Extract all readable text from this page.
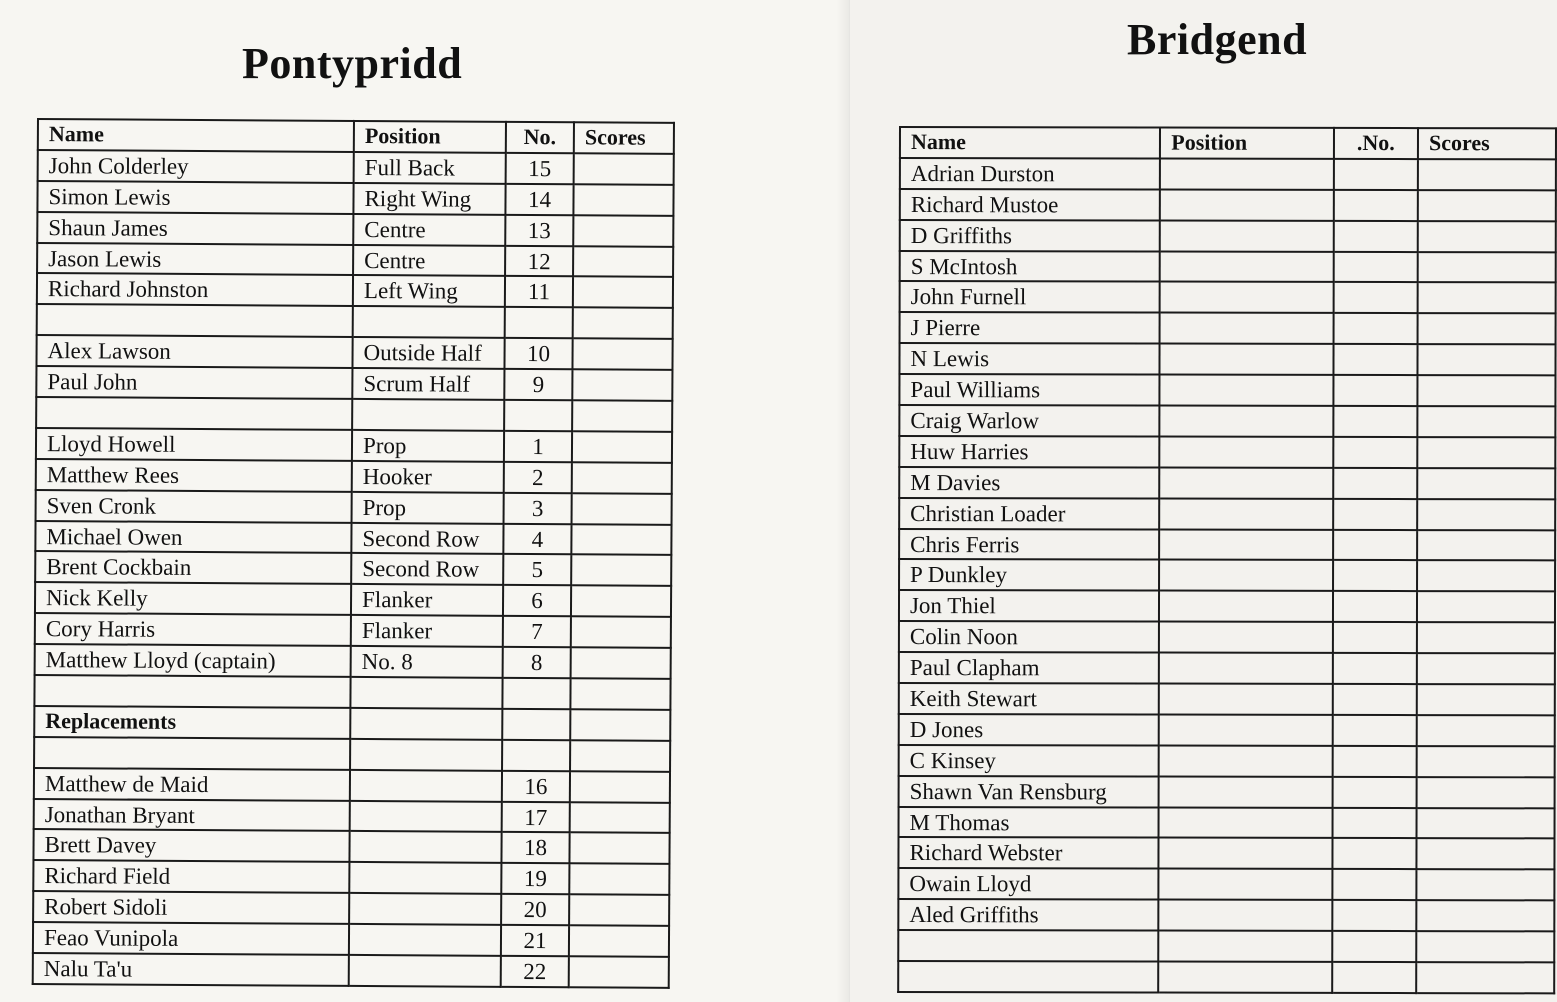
Pontypridd
Name	Position	No.	Scores
John Colderley	Full Back	15	
Simon Lewis	Right Wing	14	
Shaun James	Centre	13	
Jason Lewis	Centre	12	
Richard Johnston	Left Wing	11	

Alex Lawson	Outside Half	10	
Paul John	Scrum Half	9	

Lloyd Howell	Prop	1	
Matthew Rees	Hooker	2	
Sven Cronk	Prop	3	
Michael Owen	Second Row	4	
Brent Cockbain	Second Row	5	
Nick Kelly	Flanker	6	
Cory Harris	Flanker	7	
Matthew Lloyd (captain)	No. 8	8	

Replacements			

Matthew de Maid		16	
Jonathan Bryant		17	
Brett Davey		18	
Richard Field		19	
Robert Sidoli		20	
Feao Vunipola		21	
Nalu Ta'u		22	
Bridgend
Name	Position	.No.	Scores
Adrian Durston			
Richard Mustoe			
D Griffiths			
S McIntosh			
John Furnell			
J Pierre			
N Lewis			
Paul Williams			
Craig Warlow			
Huw Harries			
M Davies			
Christian Loader			
Chris Ferris			
P Dunkley			
Jon Thiel			
Colin Noon			
Paul Clapham			
Keith Stewart			
D Jones			
C Kinsey			
Shawn Van Rensburg			
M Thomas			
Richard Webster			
Owain Lloyd			
Aled Griffiths			
